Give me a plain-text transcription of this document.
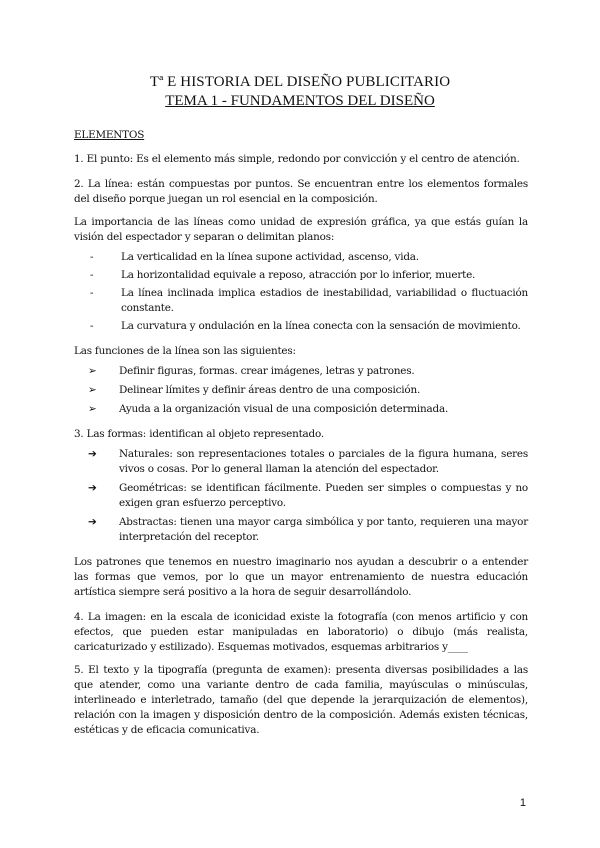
Tª E HISTORIA DEL DISEÑO PUBLICITARIO
TEMA 1 - FUNDAMENTOS DEL DISEÑO

ELEMENTOS

1. El punto: Es el elemento más simple, redondo por convicción y el centro de atención.

2. La línea: están compuestas por puntos. Se encuentran entre los elementos formales del diseño porque juegan un rol esencial en la composición.

La importancia de las líneas como unidad de expresión gráfica, ya que estás guían la visión del espectador y separan o delimitan planos:

-	La verticalidad en la línea supone actividad, ascenso, vida.
-	La horizontalidad equivale a reposo, atracción por lo inferior, muerte.
-	La línea inclinada implica estadios de inestabilidad, variabilidad o fluctuación constante.
-	La curvatura y ondulación en la línea conecta con la sensación de movimiento.

Las funciones de la línea son las siguientes:

➢ Definir figuras, formas. crear imágenes, letras y patrones.
➢ Delinear límites y definir áreas dentro de una composición.
➢ Ayuda a la organización visual de una composición determinada.

3. Las formas: identifican al objeto representado.

➔ Naturales: son representaciones totales o parciales de la figura humana, seres vivos o cosas. Por lo general llaman la atención del espectador.
➔ Geométricas: se identifican fácilmente. Pueden ser simples o compuestas y no exigen gran esfuerzo perceptivo.
➔ Abstractas: tienen una mayor carga simbólica y por tanto, requieren una mayor interpretación del receptor.

Los patrones que tenemos en nuestro imaginario nos ayudan a descubrir o a entender las formas que vemos, por lo que un mayor entrenamiento de nuestra educación artística siempre será positivo a la hora de seguir desarrollándolo.

4. La imagen: en la escala de iconicidad existe la fotografía (con menos artificio y con efectos, que pueden estar manipuladas en laboratorio) o dibujo (más realista, caricaturizado y estilizado). Esquemas motivados, esquemas arbitrarios y____

5. El texto y la tipografía (pregunta de examen): presenta diversas posibilidades a las que atender, como una variante dentro de cada familia, mayúsculas o minúsculas, interlineado e interletrado, tamaño (del que depende la jerarquización de elementos), relación con la imagen y disposición dentro de la composición. Además existen técnicas, estéticas y de eficacia comunicativa.

1
